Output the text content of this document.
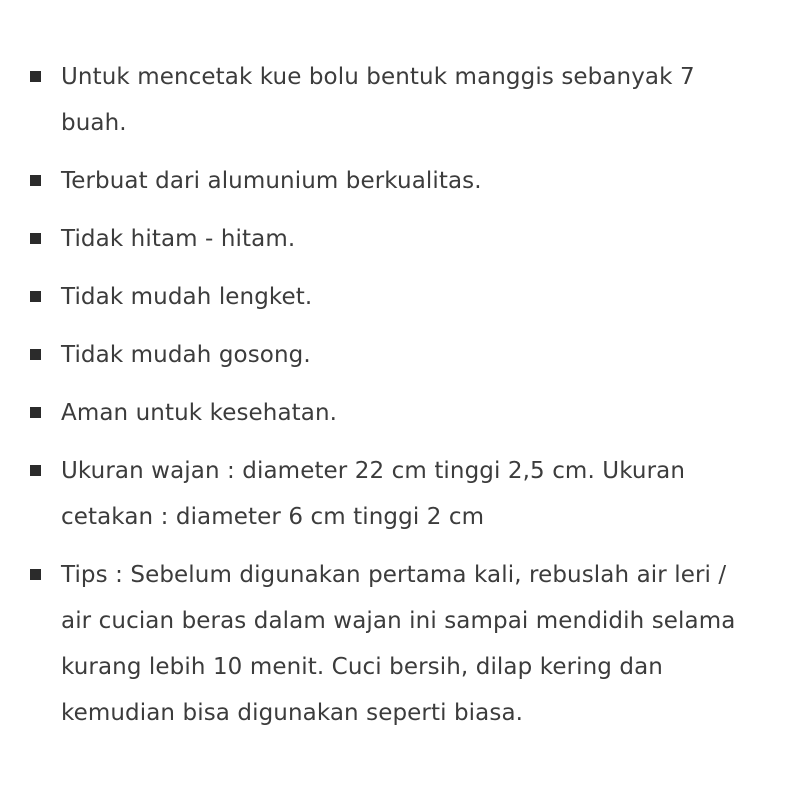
Untuk mencetak kue bolu bentuk manggis sebanyak 7 buah.
Terbuat dari alumunium berkualitas.
Tidak hitam - hitam.
Tidak mudah lengket.
Tidak mudah gosong.
Aman untuk kesehatan.
Ukuran wajan : diameter 22 cm tinggi 2,5 cm. Ukuran cetakan : diameter 6 cm tinggi 2 cm
Tips : Sebelum digunakan pertama kali, rebuslah air leri / air cucian beras dalam wajan ini sampai mendidih selama kurang lebih 10 menit. Cuci bersih, dilap kering dan kemudian bisa digunakan seperti biasa.
